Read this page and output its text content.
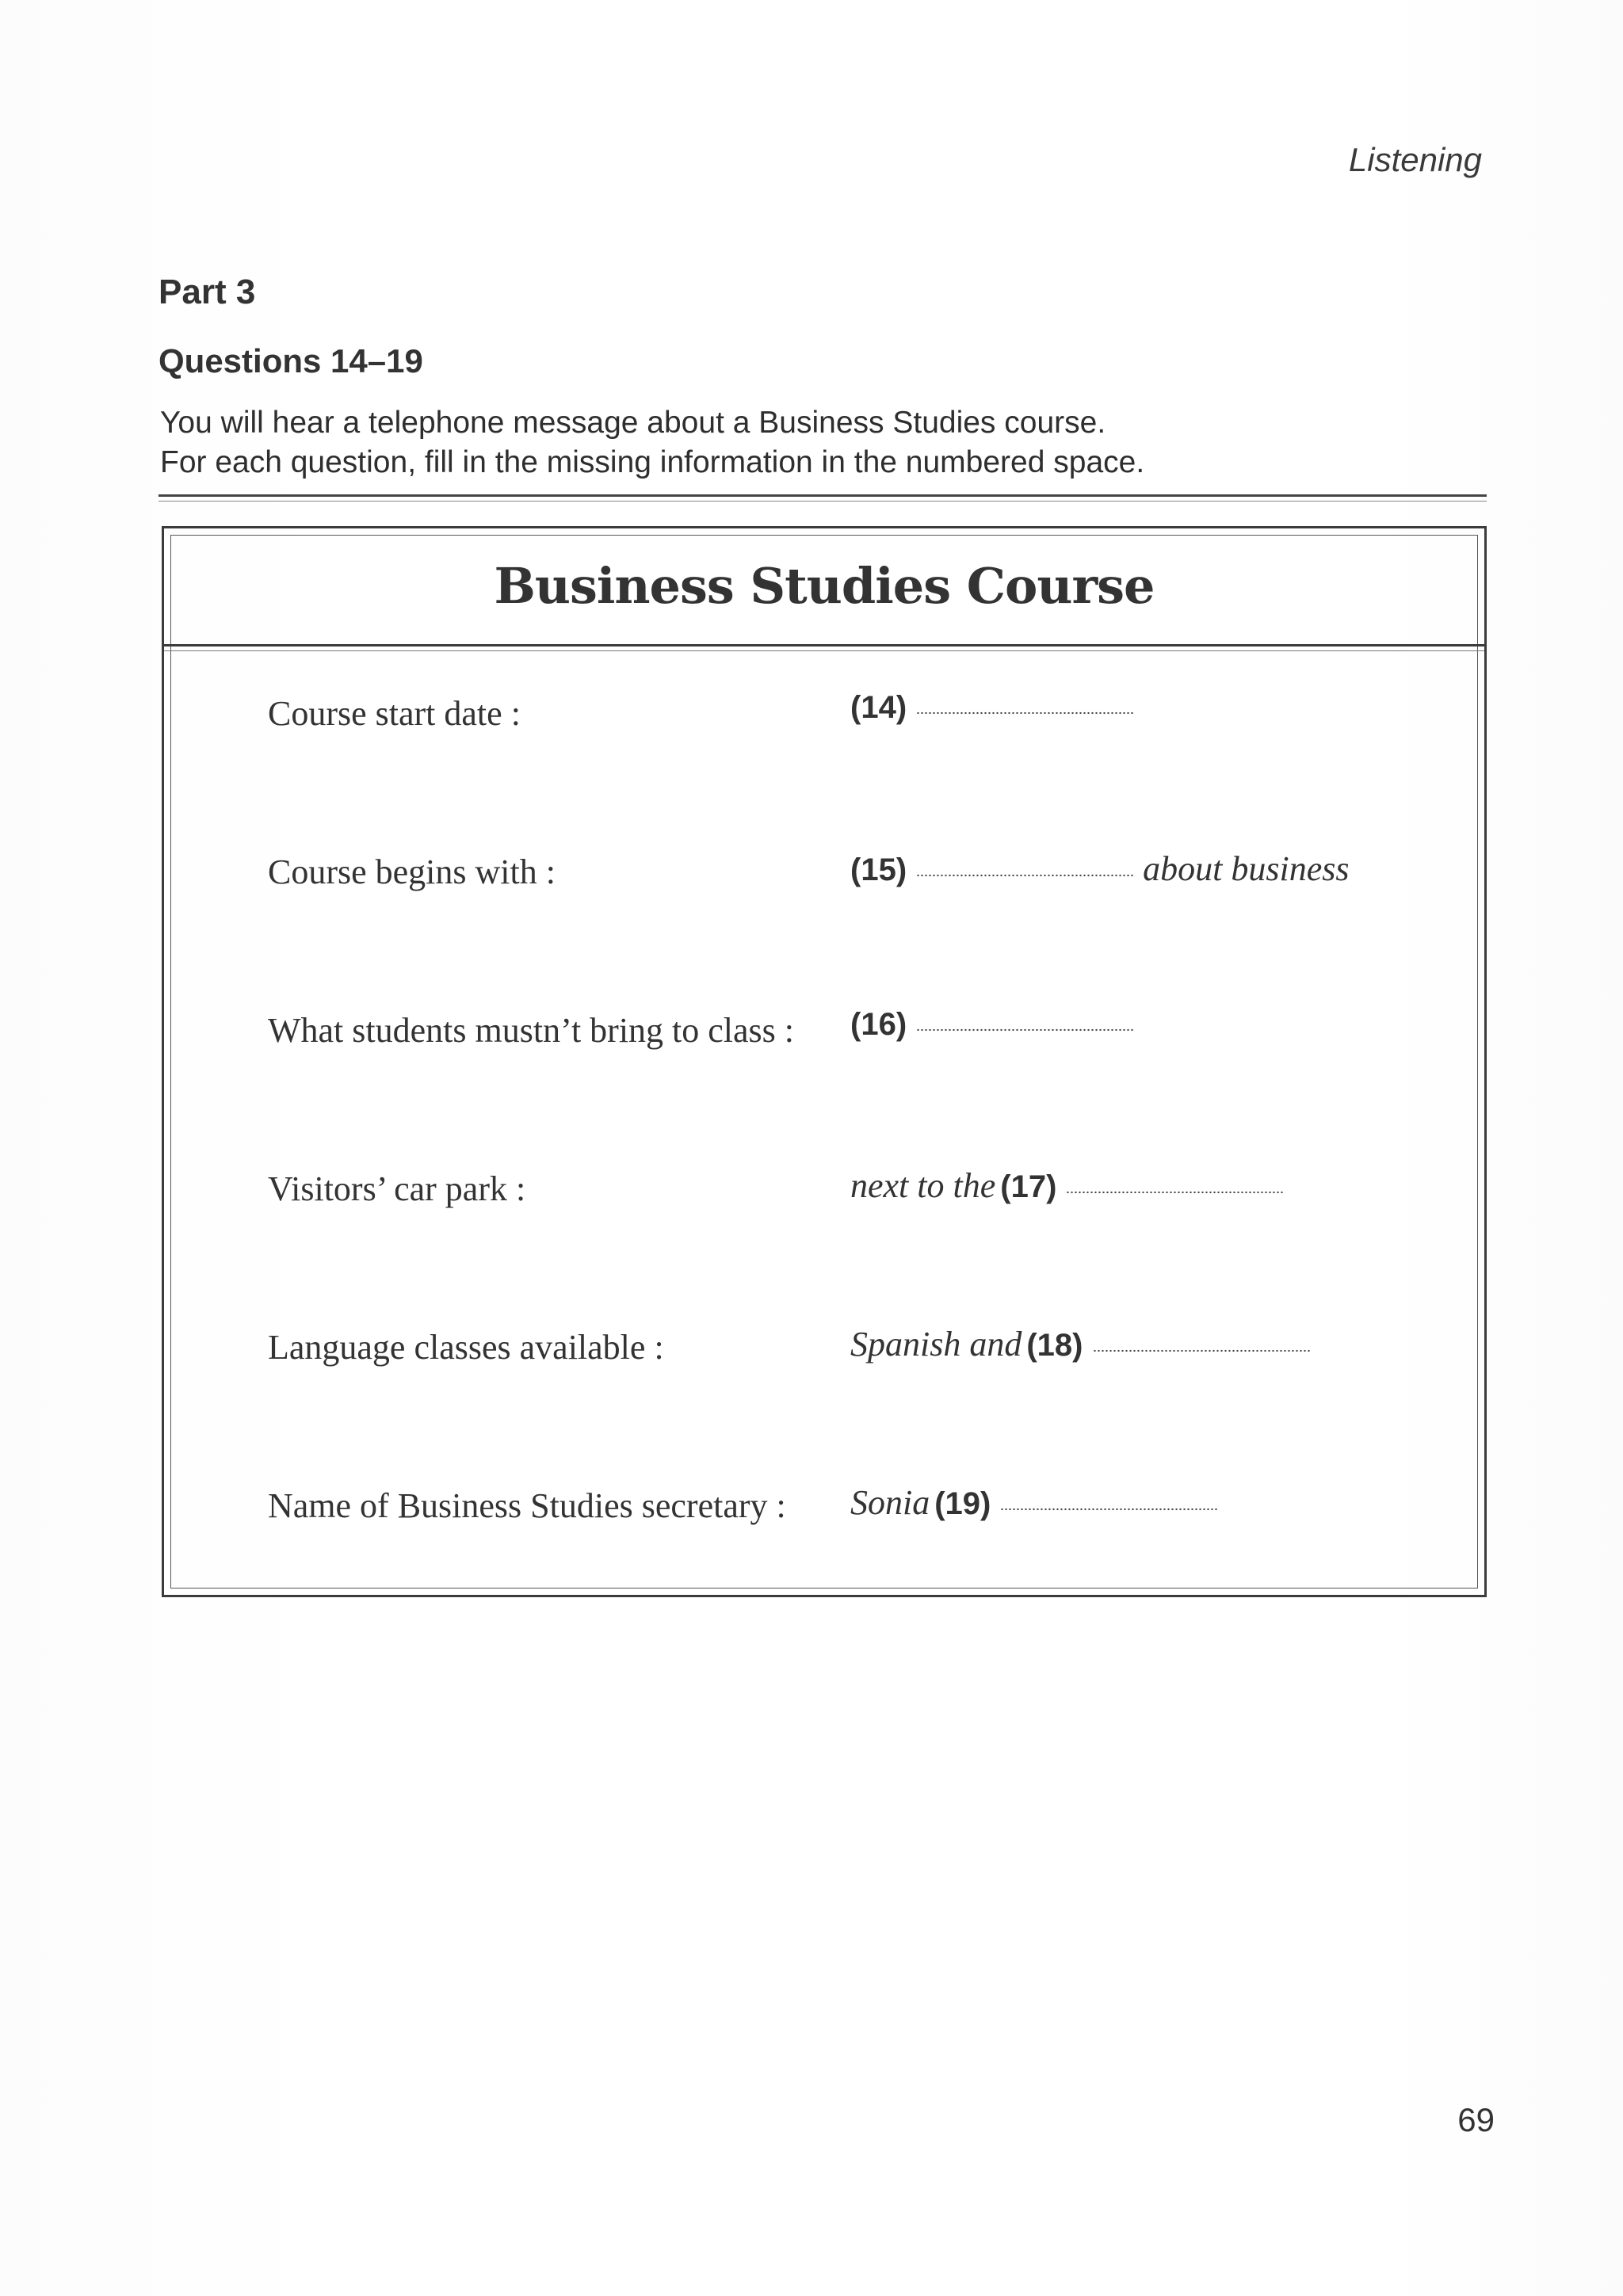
Listening
Part 3
Questions 14–19
You will hear a telephone message about a Business Studies course.
For each question, fill in the missing information in the numbered space.
Business Studies Course
Course start date :	(14)
Course begins with :	(15)	about business
What students mustn’t bring to class : (16)
Visitors’ car park :	next to the (17)
Language classes available :	Spanish and (18)
Name of Business Studies secretary : Sonia (19)
69
